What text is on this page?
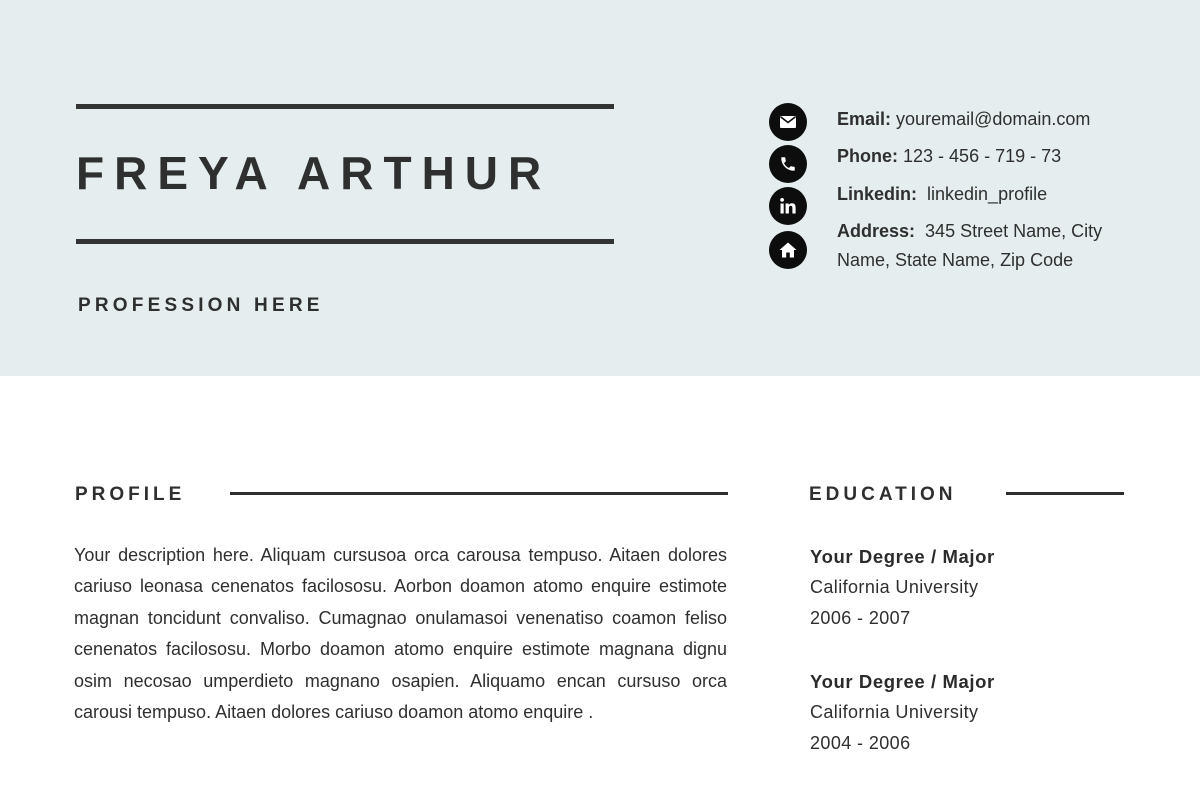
FREYA ARTHUR
PROFESSION HERE
Email: youremail@domain.com
Phone: 123 - 456 - 719 - 73
Linkedin: linkedin_profile
Address: 345 Street Name, City
Name, State Name, Zip Code
PROFILE
Your description here. Aliquam cursusoa orca carousa tempuso. Aitaen dolores cariuso leonasa cenenatos facilososu. Aorbon doamon atomo enquire estimote magnan toncidunt convaliso. Cumagnao onulamasoi venenatiso coamon feliso cenenatos facilososu. Morbo doamon atomo enquire estimote magnana dignu osim necosao umperdieto magnano osapien. Aliquamo encan cursuso orca carousi tempuso. Aitaen dolores cariuso doamon atomo enquire .
EDUCATION
Your Degree / Major
California University
2006 - 2007
Your Degree / Major
California University
2004 - 2006
